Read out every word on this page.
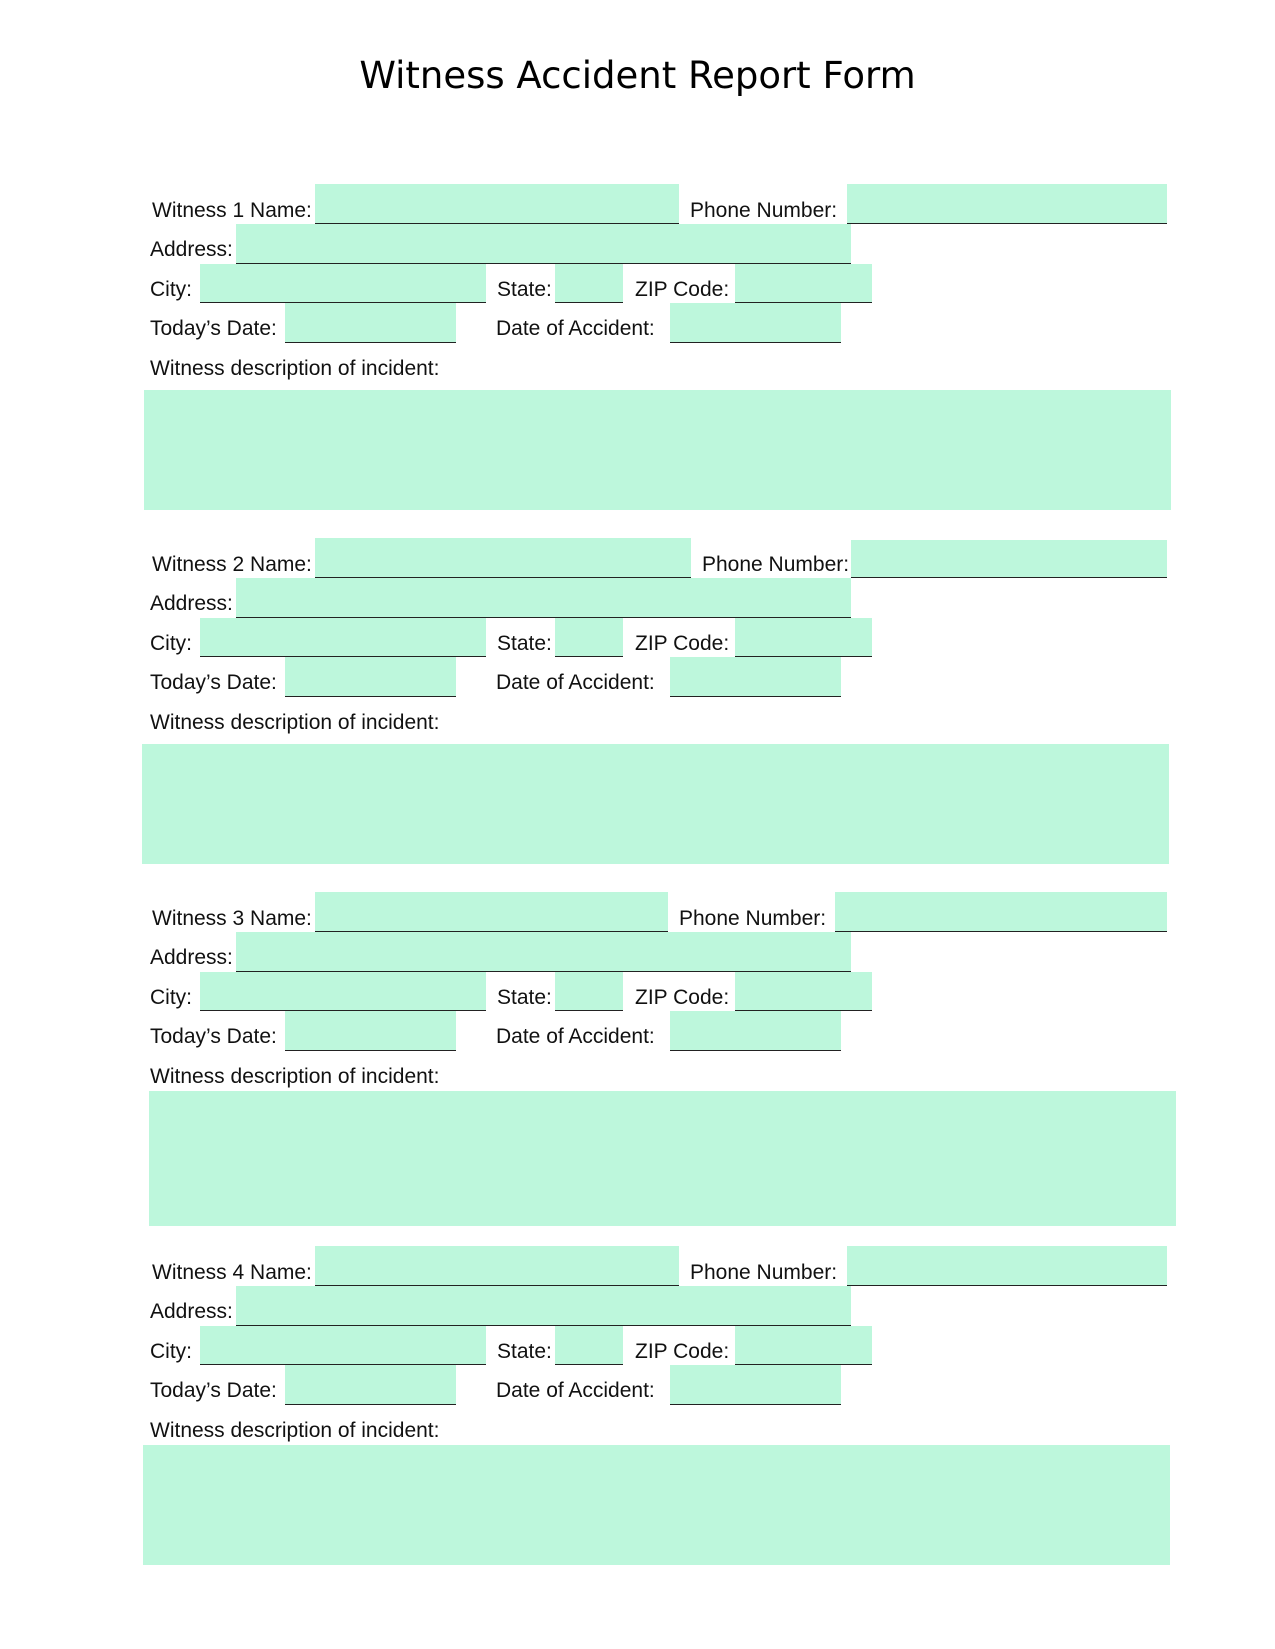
Witness Accident Report Form
Witness 1 Name:	Phone Number:
Address:
City:	State:	ZIP Code:
Today’s Date:	Date of Accident:
Witness description of incident:
Witness 2 Name:	Phone Number:
Address:
City:	State:	ZIP Code:
Today’s Date:	Date of Accident:
Witness description of incident:
Witness 3 Name:	Phone Number:
Address:
City:	State:	ZIP Code:
Today’s Date:	Date of Accident:
Witness description of incident:
Witness 4 Name:	Phone Number:
Address:
City:	State:	ZIP Code:
Today’s Date:	Date of Accident:
Witness description of incident:
